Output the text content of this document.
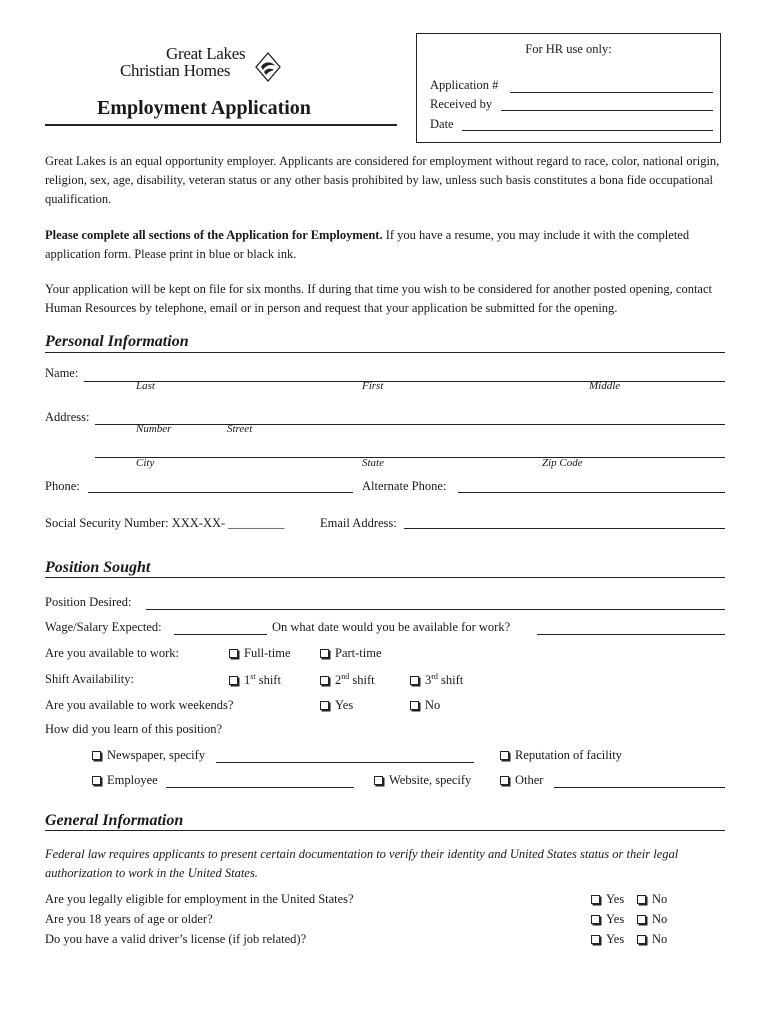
Great Lakes
Christian Homes
Employment Application
For HR use only:
Application #
Received by
Date

Great Lakes is an equal opportunity employer. Applicants are considered for employment without regard to race, color, national origin, religion, sex, age, disability, veteran status or any other basis prohibited by law, unless such basis constitutes a bona fide occupational qualification.

Please complete all sections of the Application for Employment. If you have a resume, you may include it with the completed application form. Please print in blue or black ink.

Your application will be kept on file for six months. If during that time you wish to be considered for another posted opening, contact Human Resources by telephone, email or in person and request that your application be submitted for the opening.

Personal Information
Name:
Last	First	Middle
Address:
Number	Street
City	State	Zip Code
Phone:	Alternate Phone:
Social Security Number: XXX-XX- _________	Email Address:
Position Sought
Position Desired:
Wage/Salary Expected:	On what date would you be available for work?
Are you available to work:	Full-time	Part-time
Shift Availability:	1st shift	2nd shift	3rd shift
Are you available to work weekends?	Yes	No
How did you learn of this position?
Newspaper, specify	Reputation of facility
Employee	Website, specify	Other
General Information

Federal law requires applicants to present certain documentation to verify their identity and United States status or their legal authorization to work in the United States.

Are you legally eligible for employment in the United States?	Yes	No
Are you 18 years of age or older?	Yes	No
Do you have a valid driver’s license (if job related)?	Yes	No
